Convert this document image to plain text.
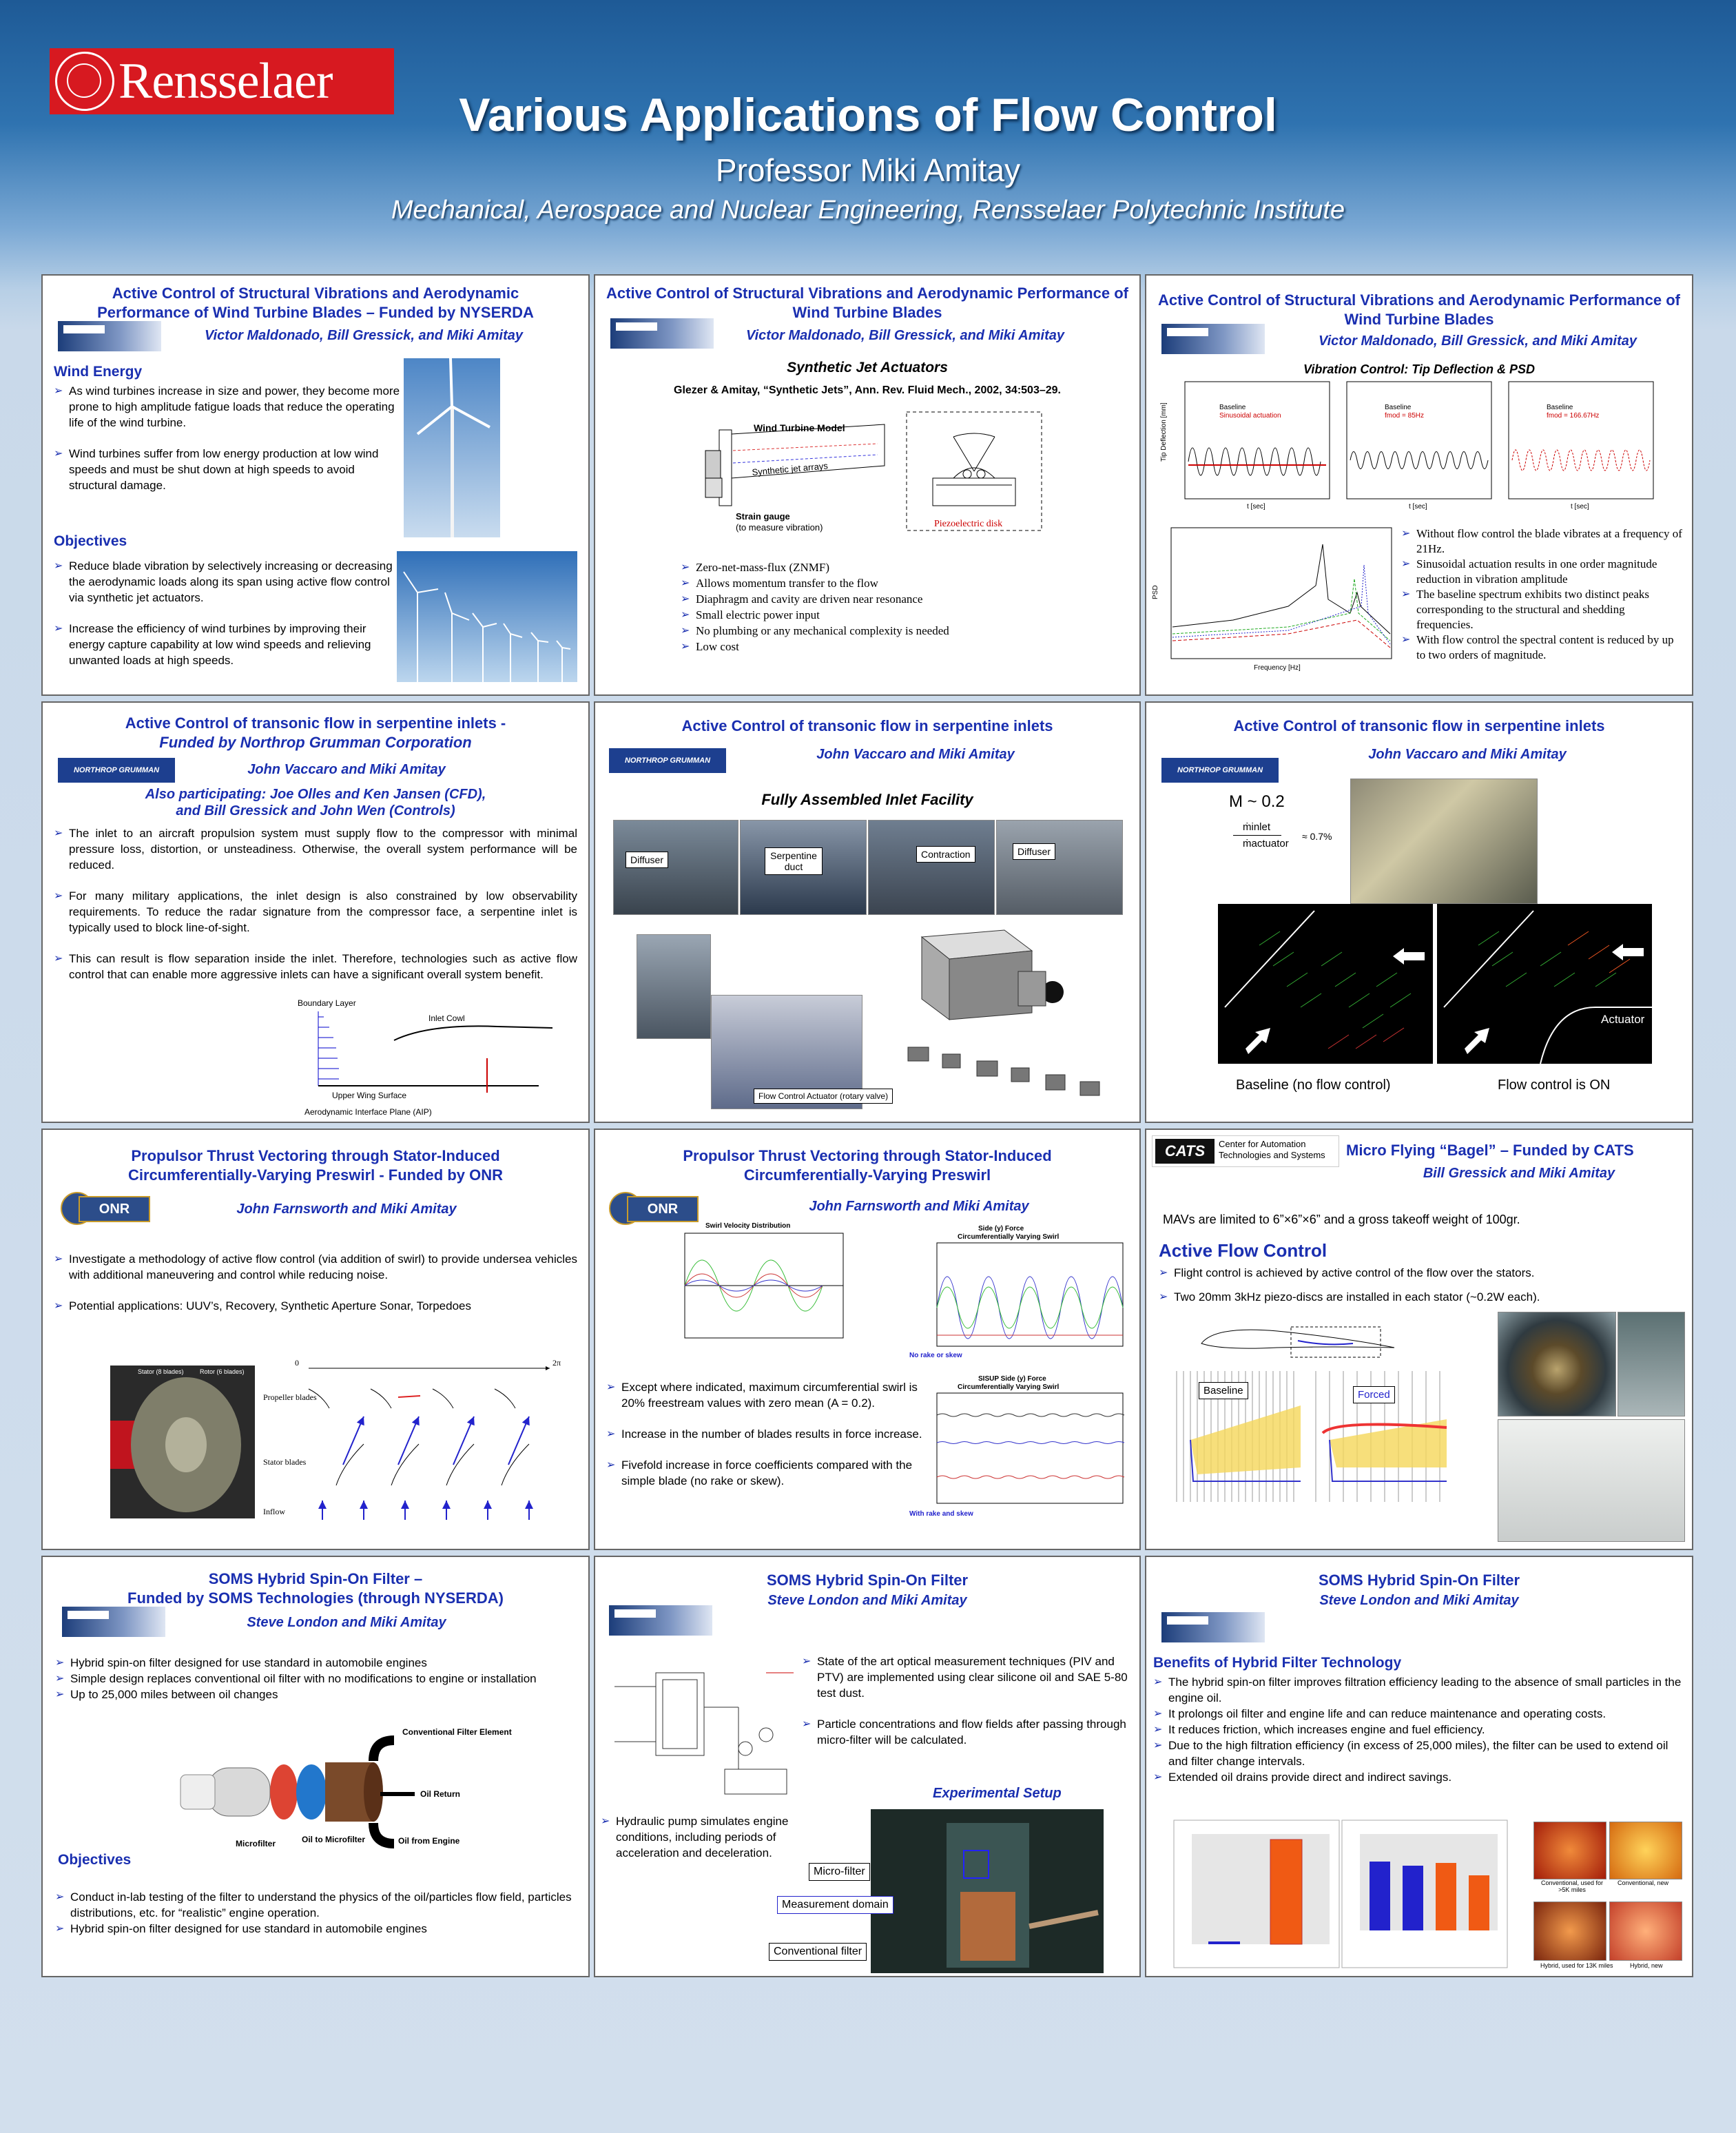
Rensselaer
Various Applications of Flow Control
Professor Miki Amitay
Mechanical, Aerospace and Nuclear Engineering, Rensselaer Polytechnic Institute
Active Control of Structural Vibrations and Aerodynamic Performance of Wind Turbine Blades – Funded by NYSERDA
Victor Maldonado, Bill Gressick, and Miki Amitay
Wind Energy
➢ As wind turbines increase in size and power, they become more prone to high amplitude fatigue loads that reduce the operating life of the wind turbine.
➢ Wind turbines suffer from low energy production at low wind speeds and must be shut down at high speeds to avoid structural damage.
Objectives
➢ Reduce blade vibration by selectively increasing or decreasing the aerodynamic loads along its span using active flow control via synthetic jet actuators.
➢ Increase the efficiency of wind turbines by improving their energy capture capability at low wind speeds and relieving unwanted loads at high speeds.
Active Control of Structural Vibrations and Aerodynamic Performance of Wind Turbine Blades
Victor Maldonado, Bill Gressick, and Miki Amitay
Synthetic Jet Actuators
Glezer & Amitay, “Synthetic Jets”, Ann. Rev. Fluid Mech., 2002, 34:503–29.
Wind Turbine Model
Synthetic jet arrays
Strain gauge
(to measure vibration)	Piezoelectric disk
➢ Zero-net-mass-flux (ZNMF)
➢ Allows momentum transfer to the flow
➢ Diaphragm and cavity are driven near resonance
➢ Small electric power input
➢ No plumbing or any mechanical complexity is needed
➢ Low cost
Active Control of Structural Vibrations and Aerodynamic Performance of Wind Turbine Blades
Victor Maldonado, Bill Gressick, and Miki Amitay
Vibration Control: Tip Deflection & PSD
Baseline
Sinusoidal actuation
Baseline
fmod = 85Hz
Baseline
fmod = 166.67Hz
Tip Deflection [mm]
t [sec]	t [sec]	t [sec]
PSD
Frequency [Hz]
➢ Without flow control the blade vibrates at a frequency of 21Hz.
➢ Sinusoidal actuation results in one order magnitude reduction in vibration amplitude
➢ The baseline spectrum exhibits two distinct peaks corresponding to the structural and shedding frequencies.
➢ With flow control the spectral content is reduced by up to two orders of magnitude.
Active Control of transonic flow in serpentine inlets -
Funded by Northrop Grumman Corporation
NORTHROP GRUMMAN	John Vaccaro and Miki Amitay
Also participating: Joe Olles and Ken Jansen (CFD),
and Bill Gressick and John Wen (Controls)
➢ The inlet to an aircraft propulsion system must supply flow to the compressor with minimal pressure loss, distortion, or unsteadiness. Otherwise, the overall system performance will be reduced.
➢ For many military applications, the inlet design is also constrained by low observability requirements. To reduce the radar signature from the compressor face, a serpentine inlet is typically used to block line-of-sight.
➢ This can result is flow separation inside the inlet. Therefore, technologies such as active flow control that can enable more aggressive inlets can have a significant overall system benefit.
Boundary Layer
Inlet Cowl
Upper Wing Surface
Aerodynamic Interface Plane (AIP)
Active Control of transonic flow in serpentine inlets
NORTHROP GRUMMAN	John Vaccaro and Miki Amitay
Fully Assembled Inlet Facility
Diffuser	Serpentine duct
Contraction	Diffuser
Flow Control Actuator (rotary valve)
Active Control of transonic flow in serpentine inlets
NORTHROP GRUMMAN
John Vaccaro and Miki Amitay
M ~ 0.2
ṁinlet
ṁactuator
≈ 0.7%
Actuator
Baseline (no flow control)	Flow control is ON
Propulsor Thrust Vectoring through Stator-Induced Circumferentially-Varying Preswirl - Funded by ONR
ONR	John Farnsworth and Miki Amitay
➢ Investigate a methodology of active flow control (via addition of swirl) to provide undersea vehicles with additional maneuvering and control while reducing noise.
➢ Potential applications: UUV’s, Recovery, Synthetic Aperture Sonar, Torpedoes
Stator (8 blades)	Rotor (6 blades)
0	2π
Propeller blades
Stator blades
Inflow
Propulsor Thrust Vectoring through Stator-Induced Circumferentially-Varying Preswirl
ONR	John Farnsworth and Miki Amitay
Swirl Velocity Distribution	Side (y) Force
Circumferentially Varying Swirl
No rake or skew
➢ Except where indicated, maximum circumferential swirl is 20% freestream values with zero mean (A = 0.2).
➢ Increase in the number of blades results in force increase.
➢ Fivefold increase in force coefficients compared with the simple blade (no rake or skew).
SISUP Side (y) Force
Circumferentially Varying Swirl
With rake and skew
CATS	Center for Automation Technologies and Systems	Micro Flying “Bagel” – Funded by CATS
Bill Gressick and Miki Amitay
MAVs are limited to 6”×6”×6” and a gross takeoff weight of 100gr.
Active Flow Control
➢ Flight control is achieved by active control of the flow over the stators.
➢ Two 20mm 3kHz piezo-discs are installed in each stator (~0.2W each).
Baseline	Forced
SOMS Hybrid Spin-On Filter –
Funded by SOMS Technologies (through NYSERDA)
Steve London and Miki Amitay
➢ Hybrid spin-on filter designed for use standard in automobile engines
➢ Simple design replaces conventional oil filter with no modifications to engine or installation
➢ Up to 25,000 miles between oil changes
Conventional Filter Element
Oil Return
Microfilter	Oil to Microfilter	Oil from Engine
Objectives
➢ Conduct in-lab testing of the filter to understand the physics of the oil/particles flow field, particles distributions, etc. for “realistic” engine operation.
➢ Hybrid spin-on filter designed for use standard in automobile engines
SOMS Hybrid Spin-On Filter
Steve London and Miki Amitay
➢ State of the art optical measurement techniques (PIV and PTV) are implemented using clear silicone oil and SAE 5-80 test dust.
➢ Particle concentrations and flow fields after passing through micro-filter will be calculated.
Experimental Setup
➢ Hydraulic pump simulates engine conditions, including periods of acceleration and deceleration.
Micro-filter
Measurement domain
Conventional filter
SOMS Hybrid Spin-On Filter
Steve London and Miki Amitay
Benefits of Hybrid Filter Technology
➢ The hybrid spin-on filter improves filtration efficiency leading to the absence of small particles in the engine oil.
➢ It prolongs oil filter and engine life and can reduce maintenance and operating costs.
➢ It reduces friction, which increases engine and fuel efficiency.
➢ Due to the high filtration efficiency (in excess of 25,000 miles), the filter can be used to extend oil and filter change intervals.
➢ Extended oil drains provide direct and indirect savings.
Conventional, used for >5K miles
Conventional, new
Hybrid, used for 13K miles	Hybrid, new
